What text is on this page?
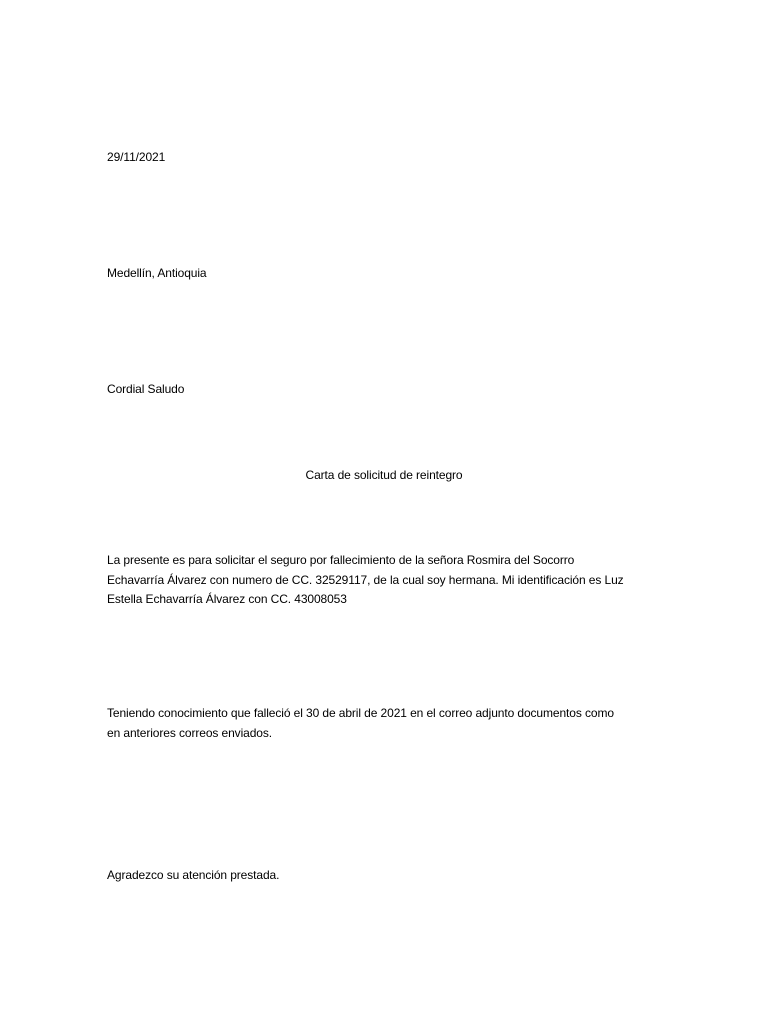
29/11/2021
Medellín, Antioquia
Cordial Saludo
Carta de solicitud de reintegro
La presente es para solicitar el seguro por fallecimiento de la señora Rosmira del Socorro
Echavarría Álvarez con numero de CC. 32529117, de la cual soy hermana. Mi identificación es Luz
Estella Echavarría Álvarez con CC. 43008053
Teniendo conocimiento que falleció el 30 de abril de 2021 en el correo adjunto documentos como
en anteriores correos enviados.
Agradezco su atención prestada.
